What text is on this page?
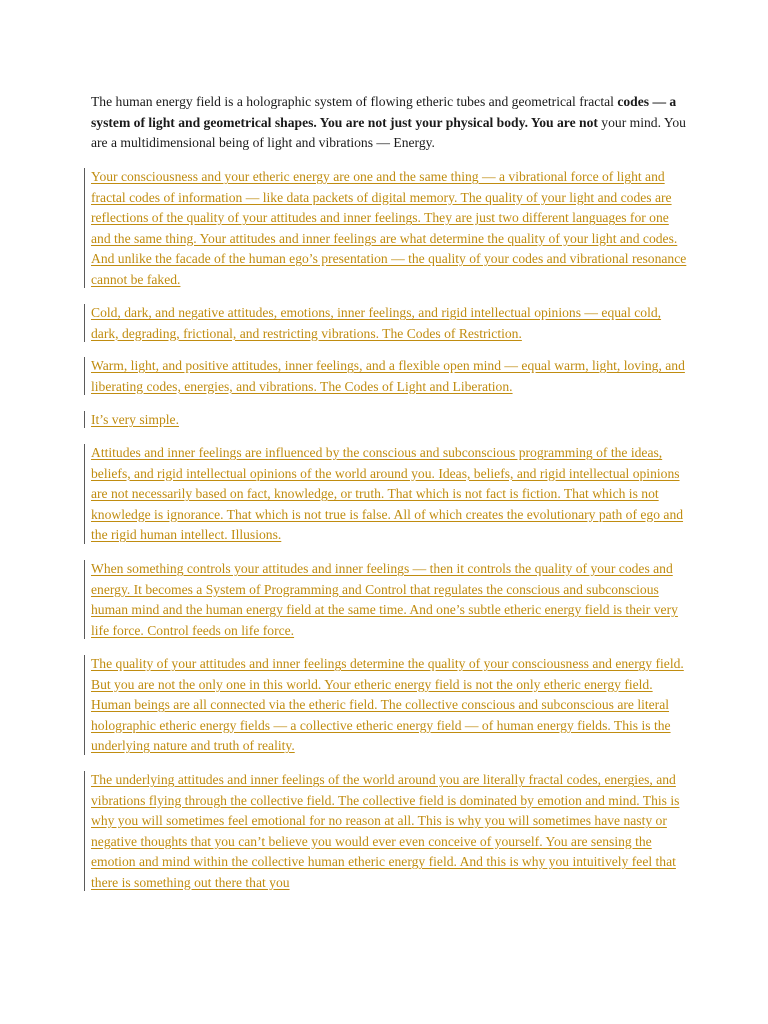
The human energy field is a holographic system of flowing etheric tubes and geometrical fractal codes — a system of light and geometrical shapes. You are not just your physical body. You are not your mind. You are a multidimensional being of light and vibrations — Energy.

Your consciousness and your etheric energy are one and the same thing — a vibrational force of light and fractal codes of information — like data packets of digital memory. The quality of your light and codes are reflections of the quality of your attitudes and inner feelings. They are just two different languages for one and the same thing. Your attitudes and inner feelings are what determine the quality of your light and codes. And unlike the facade of the human ego’s presentation — the quality of your codes and vibrational resonance cannot be faked.

Cold, dark, and negative attitudes, emotions, inner feelings, and rigid intellectual opinions — equal cold, dark, degrading, frictional, and restricting vibrations. The Codes of Restriction.

Warm, light, and positive attitudes, inner feelings, and a flexible open mind — equal warm, light, loving, and liberating codes, energies, and vibrations. The Codes of Light and Liberation.

It’s very simple.

Attitudes and inner feelings are influenced by the conscious and subconscious programming of the ideas, beliefs, and rigid intellectual opinions of the world around you. Ideas, beliefs, and rigid intellectual opinions are not necessarily based on fact, knowledge, or truth. That which is not fact is fiction. That which is not knowledge is ignorance. That which is not true is false. All of which creates the evolutionary path of ego and the rigid human intellect. Illusions.

When something controls your attitudes and inner feelings — then it controls the quality of your codes and energy. It becomes a System of Programming and Control that regulates the conscious and subconscious human mind and the human energy field at the same time. And one’s subtle etheric energy field is their very life force. Control feeds on life force.

The quality of your attitudes and inner feelings determine the quality of your consciousness and energy field. But you are not the only one in this world. Your etheric energy field is not the only etheric energy field. Human beings are all connected via the etheric field. The collective conscious and subconscious are literal holographic etheric energy fields — a collective etheric energy field — of human energy fields. This is the underlying nature and truth of reality.

The underlying attitudes and inner feelings of the world around you are literally fractal codes, energies, and vibrations flying through the collective field. The collective field is dominated by emotion and mind. This is why you will sometimes feel emotional for no reason at all. This is why you will sometimes have nasty or negative thoughts that you can’t believe you would ever even conceive of yourself. You are sensing the emotion and mind within the collective human etheric energy field. And this is why you intuitively feel that there is something out there that you
